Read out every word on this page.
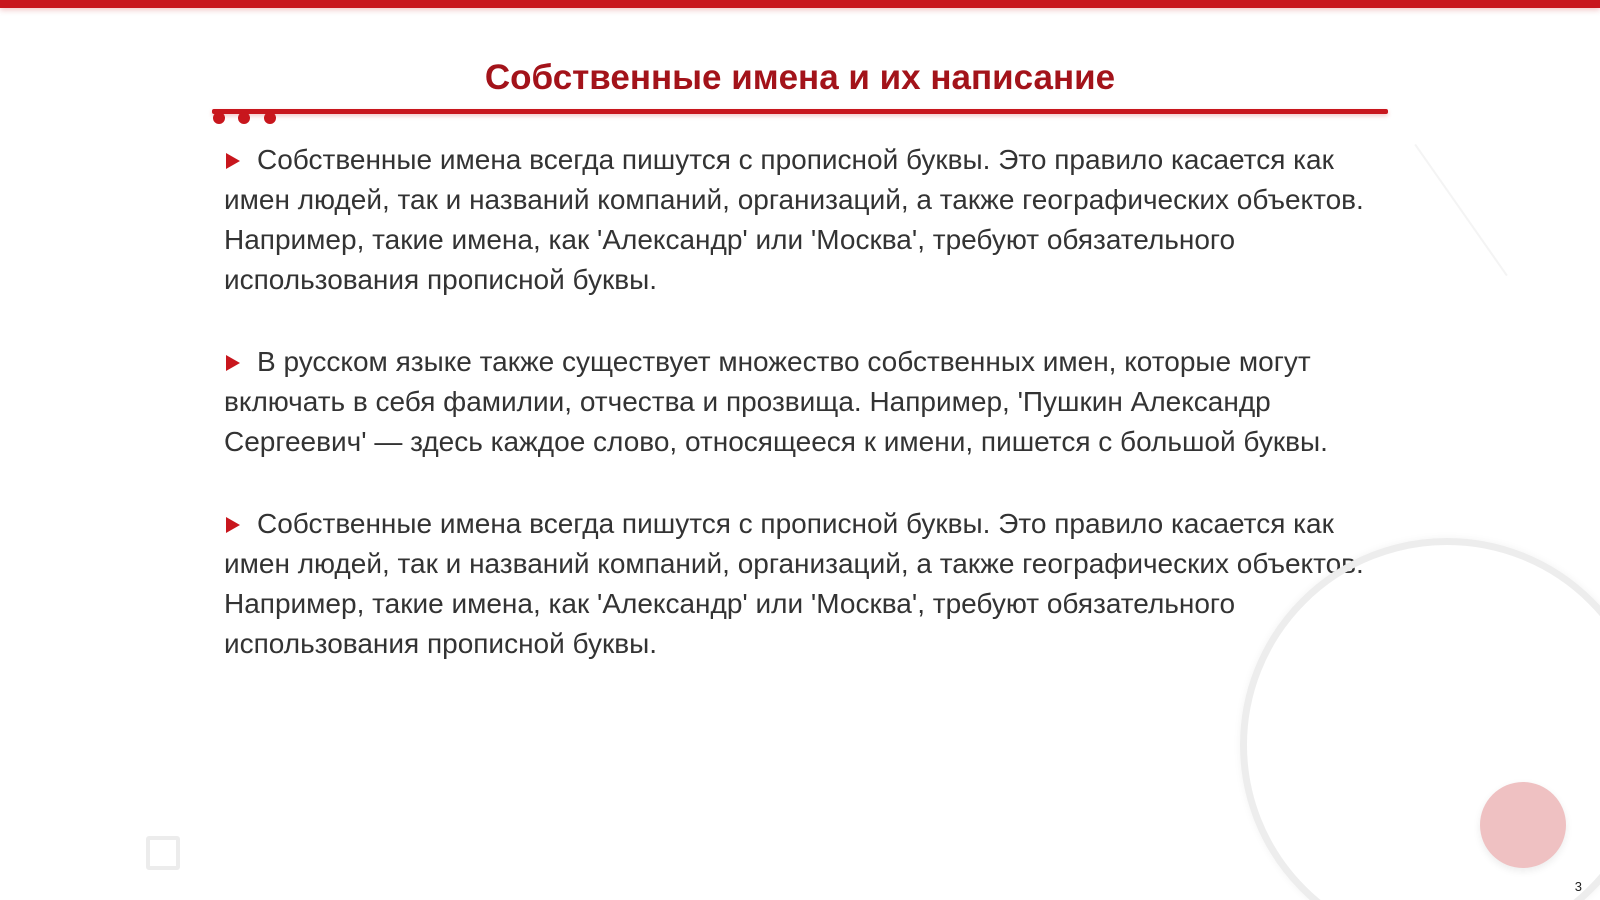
Собственные имена и их написание

Собственные имена всегда пишутся с прописной буквы. Это правило касается как имен людей, так и названий компаний, организаций, а также географических объектов. Например, такие имена, как 'Александр' или 'Москва', требуют обязательного использования прописной буквы.

В русском языке также существует множество собственных имен, которые могут включать в себя фамилии, отчества и прозвища. Например, 'Пушкин Александр Сергеевич' — здесь каждое слово, относящееся к имени, пишется с большой буквы.

Собственные имена всегда пишутся с прописной буквы. Это правило касается как имен людей, так и названий компаний, организаций, а также географических объектов. Например, такие имена, как 'Александр' или 'Москва', требуют обязательного использования прописной буквы.

3
